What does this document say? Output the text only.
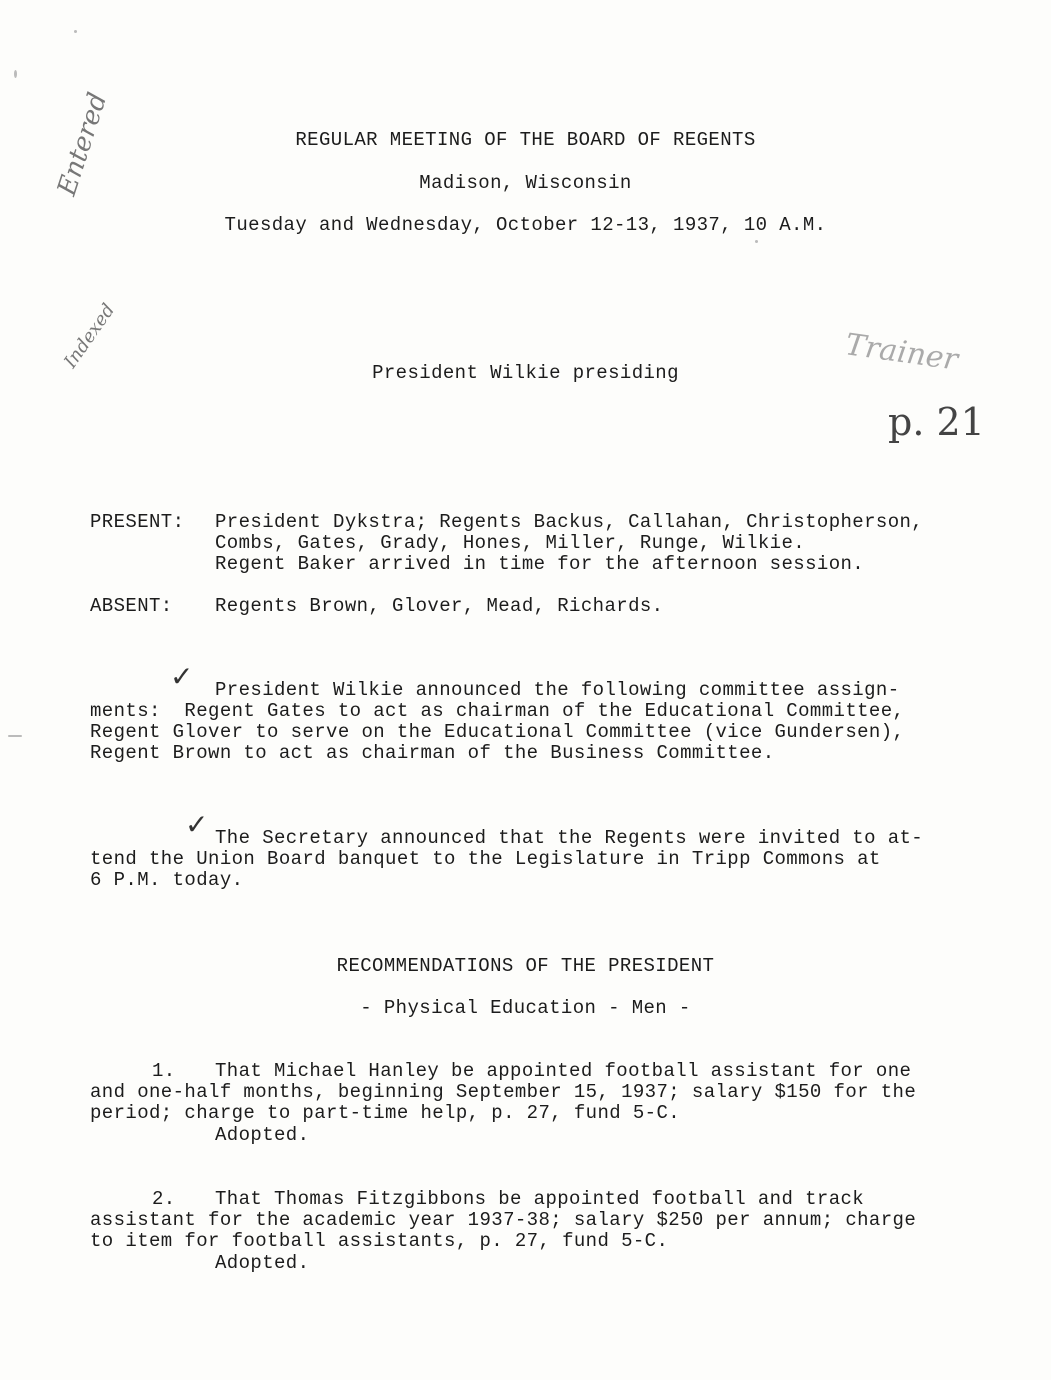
Entered
Indexed	Trainer
p. 21
REGULAR MEETING OF THE BOARD OF REGENTS
Madison, Wisconsin
Tuesday and Wednesday, October 12-13, 1937, 10 A.M.
President Wilkie presiding
PRESENT: President Dykstra; Regents Backus, Callahan, Christopherson,
Combs, Gates, Grady, Hones, Miller, Runge, Wilkie.
Regent Baker arrived in time for the afternoon session.
ABSENT: Regents Brown, Glover, Mead, Richards.
✓ President Wilkie announced the following committee assign-
ments:  Regent Gates to act as chairman of the Educational Committee,
Regent Glover to serve on the Educational Committee (vice Gundersen),
Regent Brown to act as chairman of the Business Committee.
✓ The Secretary announced that the Regents were invited to at-
tend the Union Board banquet to the Legislature in Tripp Commons at
6 P.M. today.
RECOMMENDATIONS OF THE PRESIDENT
- Physical Education - Men -
1. That Michael Hanley be appointed football assistant for one
and one-half months, beginning September 15, 1937; salary $150 for the
period; charge to part-time help, p. 27, fund 5-C.
Adopted.
2. That Thomas Fitzgibbons be appointed football and track
assistant for the academic year 1937-38; salary $250 per annum; charge
to item for football assistants, p. 27, fund 5-C.
Adopted.
